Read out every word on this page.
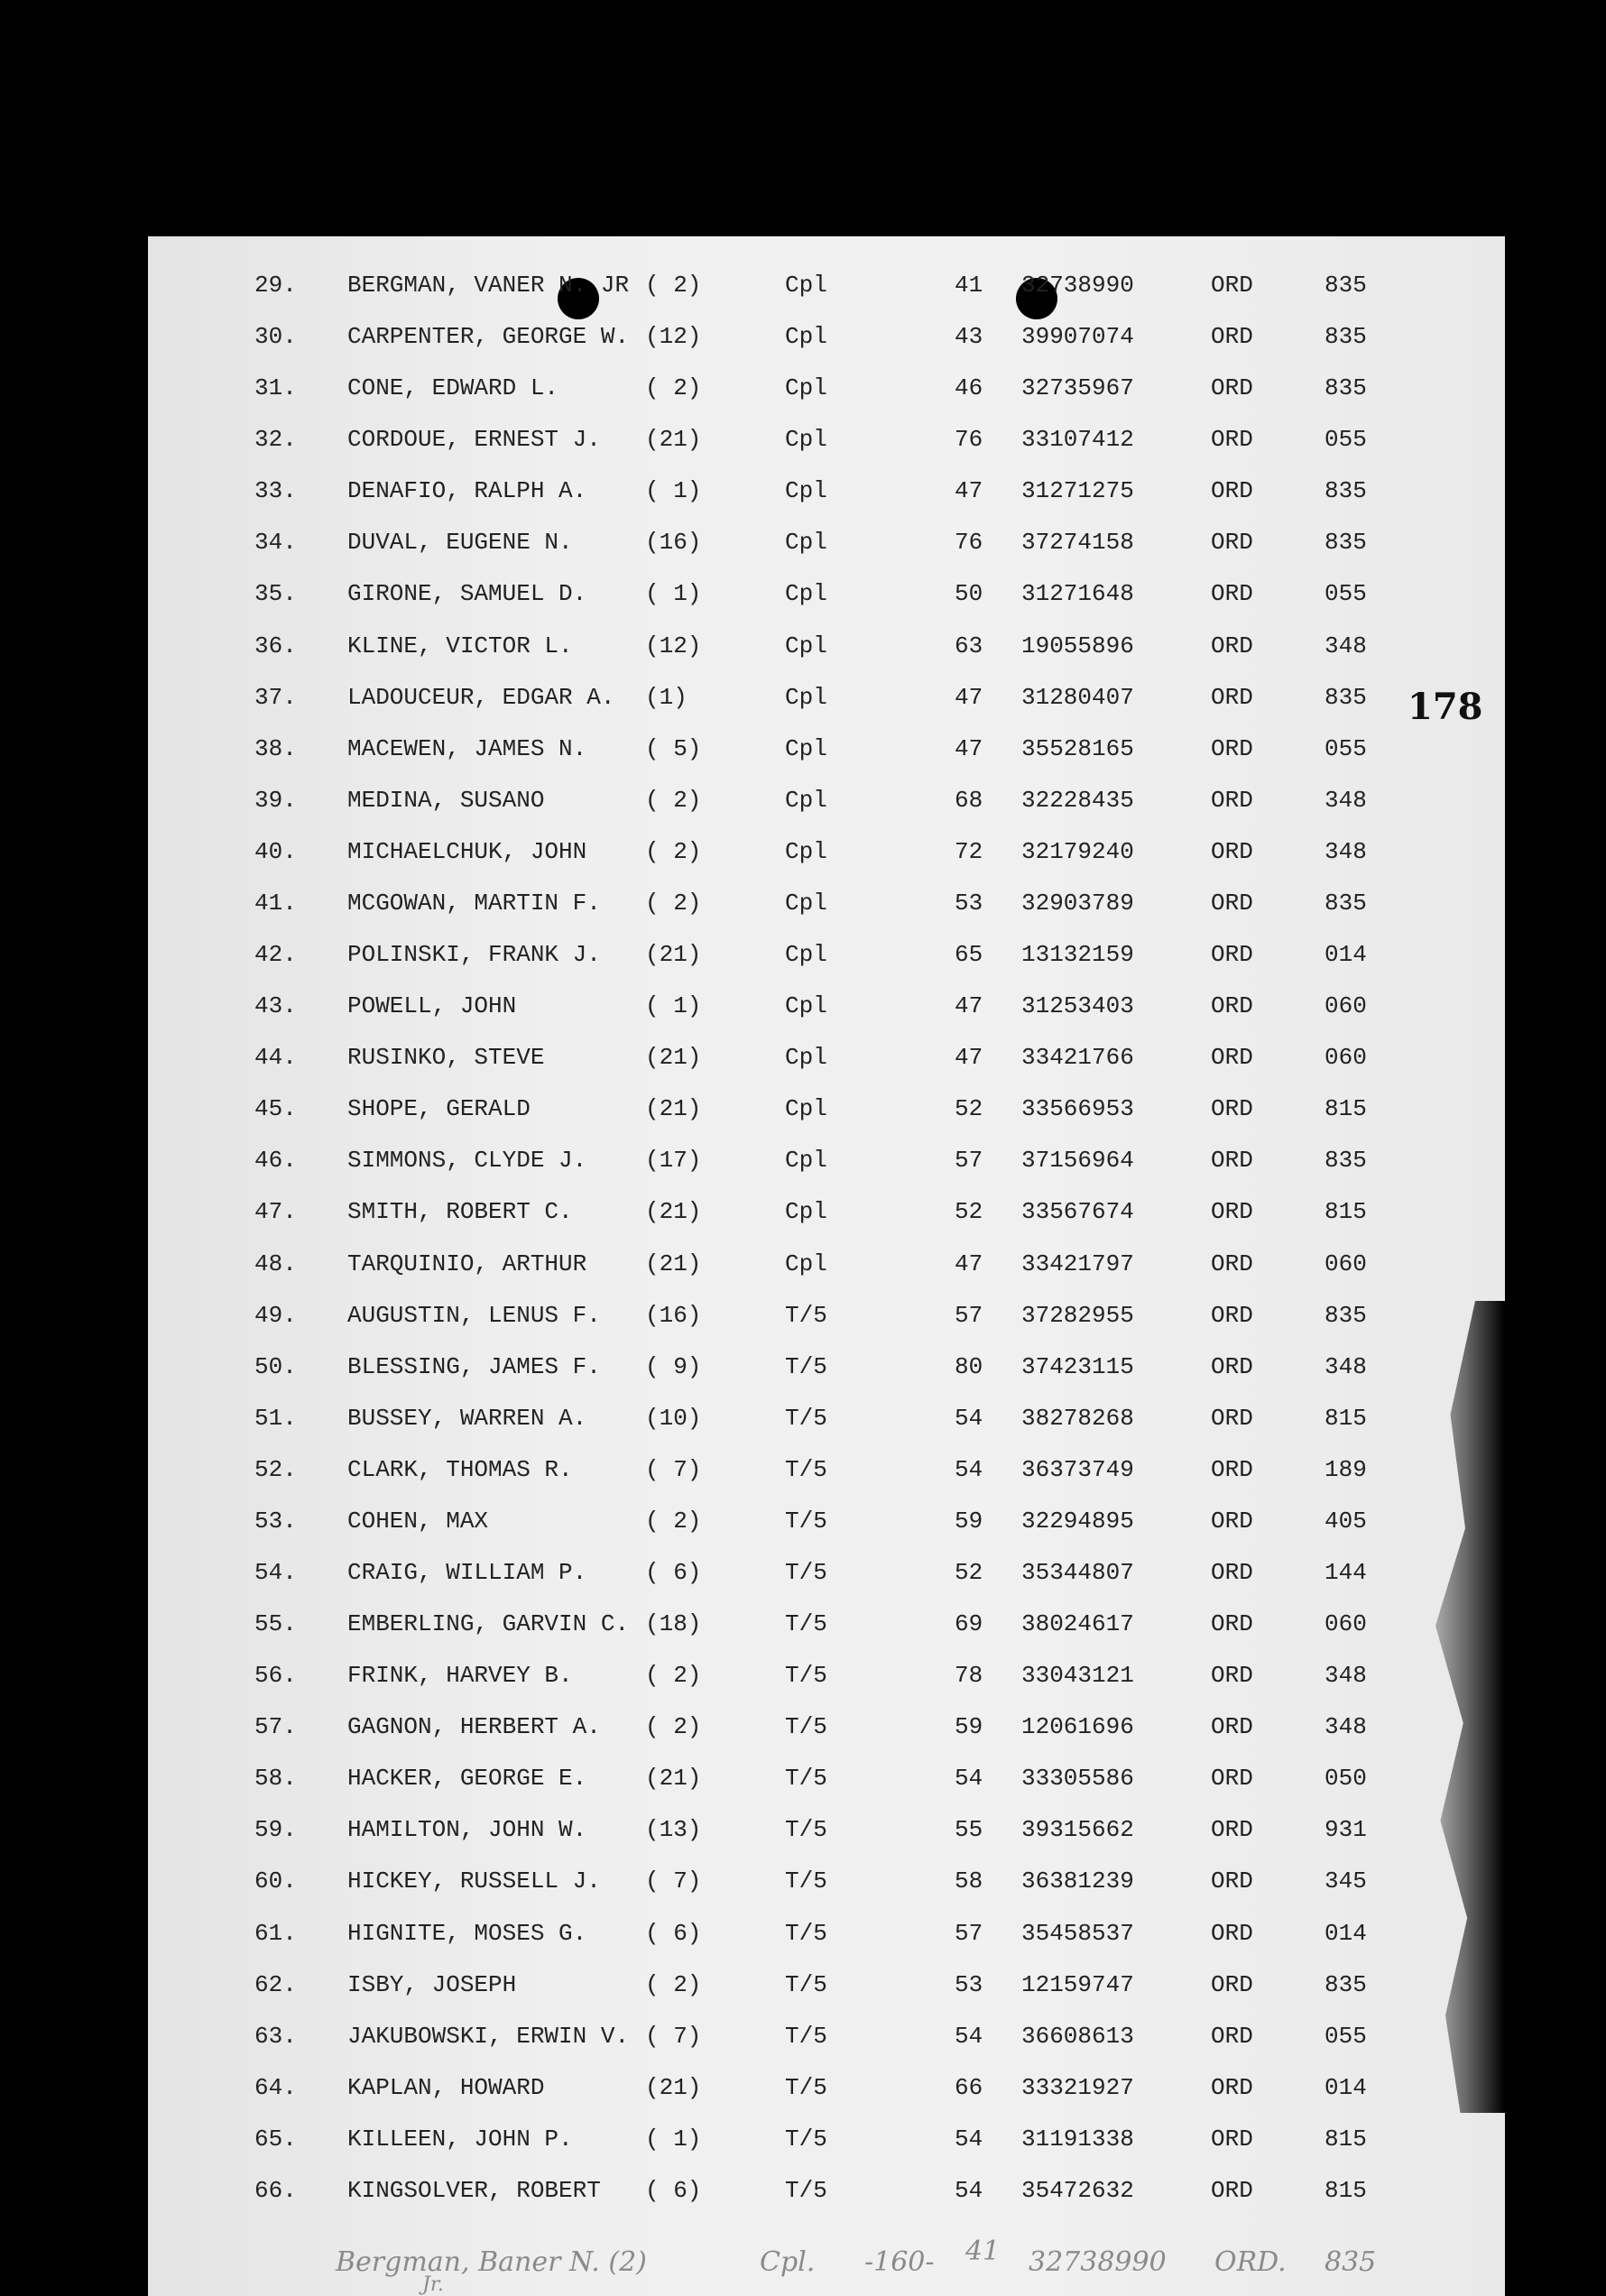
29. BERGMAN, VANER N. JR ( 2)	Cpl	41 32738990	ORD	835
30. CARPENTER, GEORGE W. (12)	Cpl	43 39907074	ORD	835
31. CONE, EDWARD L.	( 2)	Cpl	46 32735967	ORD	835
32. CORDOUE, ERNEST J. (21)	Cpl	76 33107412	ORD	055
33. DENAFIO, RALPH A. ( 1)	Cpl	47 31271275	ORD	835
34. DUVAL, EUGENE N.	(16)	Cpl	76 37274158	ORD	835
35. GIRONE, SAMUEL D. ( 1)	Cpl	50 31271648	ORD	055
36. KLINE, VICTOR L.	(12)	Cpl	63 19055896	ORD	348
37. LADOUCEUR, EDGAR A. (1)	Cpl	47 31280407	ORD	835
38. MACEWEN, JAMES N. ( 5)	Cpl	47 35528165	ORD	055
39. MEDINA, SUSANO	( 2)	Cpl	68 32228435	ORD	348
40. MICHAELCHUK, JOHN ( 2)	Cpl	72 32179240	ORD	348
41. MCGOWAN, MARTIN F. ( 2)	Cpl	53 32903789	ORD	835
42. POLINSKI, FRANK J. (21)	Cpl	65 13132159	ORD	014
43. POWELL, JOHN	( 1)	Cpl	47 31253403	ORD	060
44. RUSINKO, STEVE	(21)	Cpl	47 33421766	ORD	060
45. SHOPE, GERALD	(21)	Cpl	52 33566953	ORD	815
46. SIMMONS, CLYDE J. (17)	Cpl	57 37156964	ORD	835
47. SMITH, ROBERT C.	(21)	Cpl	52 33567674	ORD	815
48. TARQUINIO, ARTHUR (21)	Cpl	47 33421797	ORD	060
49. AUGUSTIN, LENUS F. (16)	T/5	57 37282955	ORD	835
50. BLESSING, JAMES F. ( 9)	T/5	80 37423115	ORD	348
51. BUSSEY, WARREN A. (10)	T/5	54 38278268	ORD	815
52. CLARK, THOMAS R.	( 7)	T/5	54 36373749	ORD	189
53. COHEN, MAX	( 2)	T/5	59 32294895	ORD	405
54. CRAIG, WILLIAM P. ( 6)	T/5	52 35344807	ORD	144
55. EMBERLING, GARVIN C. (18)	T/5	69 38024617	ORD	060
56. FRINK, HARVEY B.	( 2)	T/5	78 33043121	ORD	348
57. GAGNON, HERBERT A. ( 2)	T/5	59 12061696	ORD	348
58. HACKER, GEORGE E. (21)	T/5	54 33305586	ORD	050
59. HAMILTON, JOHN W. (13)	T/5	55 39315662	ORD	931
60. HICKEY, RUSSELL J. ( 7)	T/5	58 36381239	ORD	345
61. HIGNITE, MOSES G. ( 6)	T/5	57 35458537	ORD	014
62. ISBY, JOSEPH	( 2)	T/5	53 12159747	ORD	835
63. JAKUBOWSKI, ERWIN V. ( 7)	T/5	54 36608613	ORD	055
64. KAPLAN, HOWARD	(21)	T/5	66 33321927	ORD	014
65. KILLEEN, JOHN P.	( 1)	T/5	54 31191338	ORD	815
66. KINGSOLVER, ROBERT ( 6)	T/5	54 35472632	ORD	815
178
Bergman, Baner N. (2)
Jr.
Cpl. -160- 41 32738990 ORD. 835
